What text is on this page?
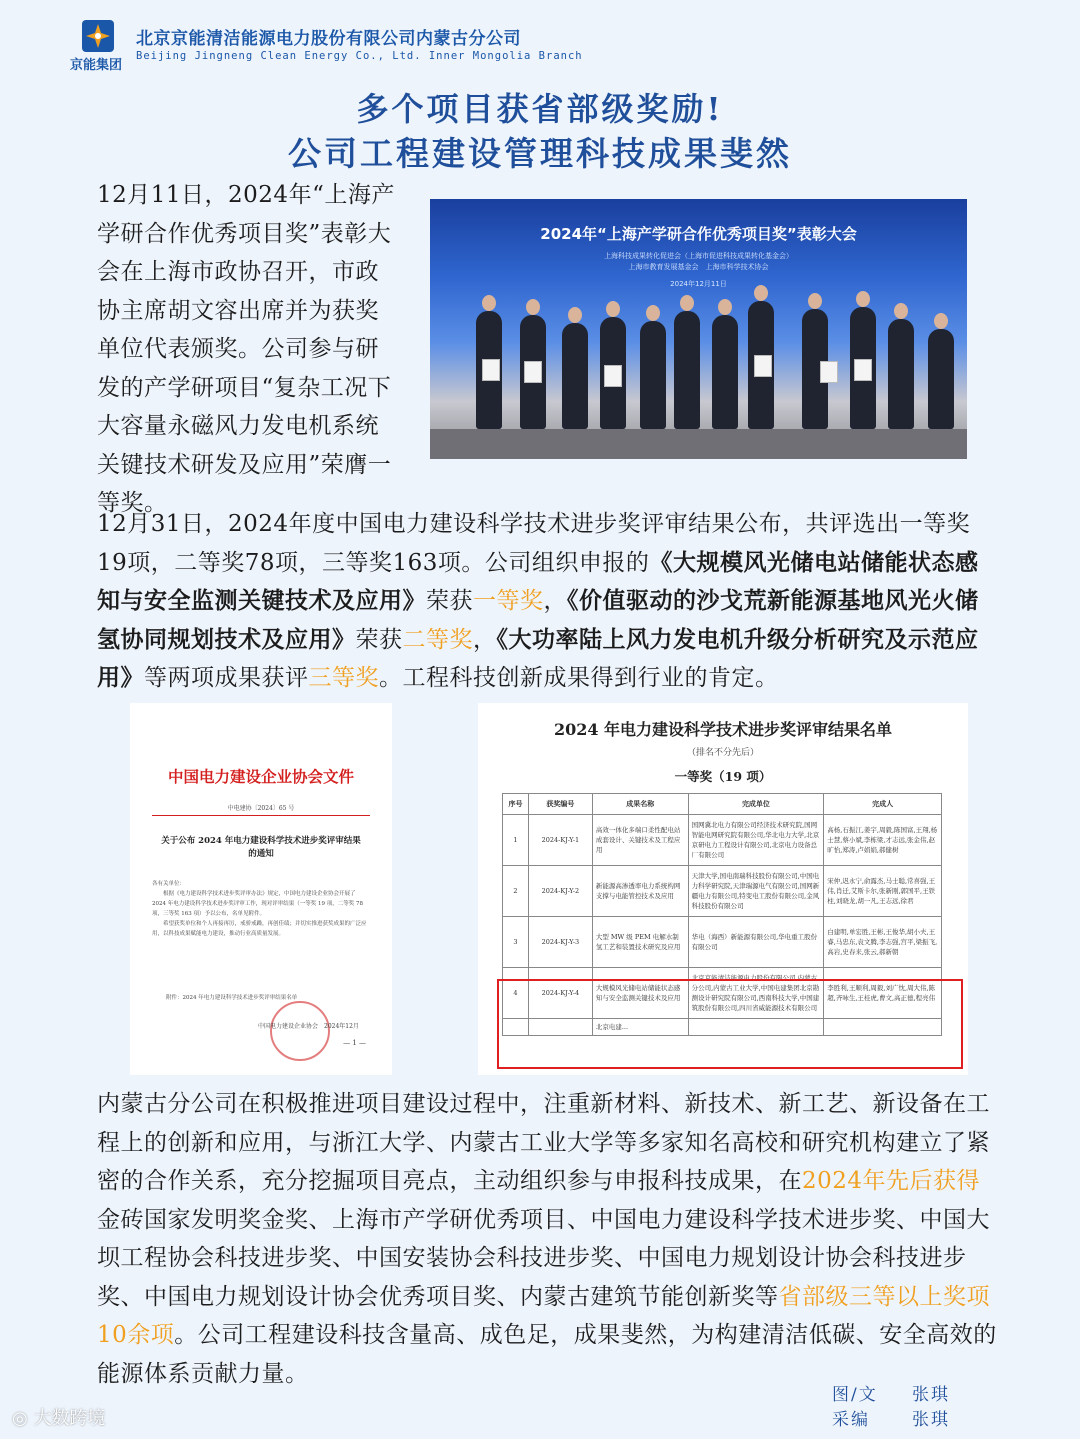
京能集团
北京京能清洁能源电力股份有限公司内蒙古分公司
Beijing Jingneng Clean Energy Co., Ltd. Inner Mongolia Branch
多个项目获省部级奖励!
公司工程建设管理科技成果斐然
12月11日，2024年“上海产学研合作优秀项目奖”表彰大会在上海市政协召开，市政协主席胡文容出席并为获奖单位代表颁奖。公司参与研发的产学研项目“复杂工况下大容量永磁风力发电机系统关键技术研发及应用”荣膺一等奖。
2024年“上海产学研合作优秀项目奖”表彰大会
上海科技成果转化促进会（上海市促进科技成果转化基金会）
上海市教育发展基金会　上海市科学技术协会
2024年12月11日
12月31日，2024年度中国电力建设科学技术进步奖评审结果公布，共评选出一等奖19项，二等奖78项，三等奖163项。公司组织申报的《大规模风光储电站储能状态感知与安全监测关键技术及应用》荣获一等奖，《价值驱动的沙戈荒新能源基地风光火储氢协同规划技术及应用》荣获二等奖，《大功率陆上风力发电机升级分析研究及示范应用》等两项成果获评三等奖。工程科技创新成果得到行业的肯定。
中国电力建设企业协会文件
中电建协〔2024〕65 号
关于公布 2024 年电力建设科学技术进步奖评审结果的通知
各有关单位：
根据《电力建设科学技术进步奖评审办法》规定，中国电力建设企业协会开展了 2024 年电力建设科学技术进步奖评审工作，现对评审结果（一等奖 19 项，二等奖 78 项，三等奖 163 项）予以公布，名单见附件。
希望获奖单位和个人再接再厉，戒骄戒躁，再创佳绩；并切实推进获奖成果的广泛应用，以科技成果赋能电力建设，推动行业高质量发展。
附件：2024 年电力建设科学技术进步奖评审结果名单
中国电力建设企业协会　2024年12月
— 1 —
2024 年电力建设科学技术进步奖评审结果名单
（排名不分先后）
一等奖（19 项）
序号	获奖编号	成果名称	完成单位	完成人
1	2024-KJ-Y-1	高效一体化多端口柔性配电站成套设计、关键技术及工程应用	国网冀北电力有限公司经济技术研究院,国网智能电网研究院有限公司,华北电力大学,北京京研电力工程设计有限公司,北京电力设备总厂有限公司	高杨,石振江,姜宇,周毅,陈国富,王翔,杨士慧,蔡小斌,李栋梁,才志远,张金伟,赵旷怡,郑涛,卢娟娟,郝健树
2	2024-KJ-Y-2	新能源高渗透率电力系统构网支撑与电能管控技术及应用	天津大学,国电南瑞科技股份有限公司,中国电力科学研究院,天津瑞源电气有限公司,国网新疆电力有限公司,特变电工股份有限公司,金风科技股份有限公司	宋仲,迟永宁,俞露杰,马士聪,常喜强,王伟,肖迁,艾斯卡尔,张新刚,郭国平,王铁柱,刘晓龙,胡一凡,王志远,徐君
3	2024-KJ-Y-3	大型 MW 级 PEM 电解水制氢工艺和装置技术研究及应用	华电（海西）新能源有限公司,华电重工股份有限公司	白建明,单宏胜,王彬,王俊华,胡小夫,王睿,马忠东,袁文腾,李志强,宫平,梁振飞,高岩,史春来,张云,郝新朝
4	2024-KJ-Y-4	大规模风光储电站储能状态感知与安全监测关键技术及应用	北京京能清洁能源电力股份有限公司,内蒙古分公司,内蒙古工业大学,中国电建集团北京勘测设计研究院有限公司,西南科技大学,中国建筑股份有限公司,四川省威能源技术有限公司	李胜利,王顺利,周毅,刘广忱,周大伟,陈超,齐咏生,王桂虎,曹文,高正德,程亮伟
		北京电建...		
内蒙古分公司在积极推进项目建设过程中，注重新材料、新技术、新工艺、新设备在工程上的创新和应用，与浙江大学、内蒙古工业大学等多家知名高校和研究机构建立了紧密的合作关系，充分挖掘项目亮点，主动组织参与申报科技成果，在2024年先后获得金砖国家发明奖金奖、上海市产学研优秀项目、中国电力建设科学技术进步奖、中国大坝工程协会科技进步奖、中国安装协会科技进步奖、中国电力规划设计协会科技进步奖、中国电力规划设计协会优秀项目奖、内蒙古建筑节能创新奖等省部级三等以上奖项10余项。公司工程建设科技含量高、成色足，成果斐然，为构建清洁低碳、安全高效的能源体系贡献力量。
图/文 张琪
采编 张琪
◎ 大数跨境
